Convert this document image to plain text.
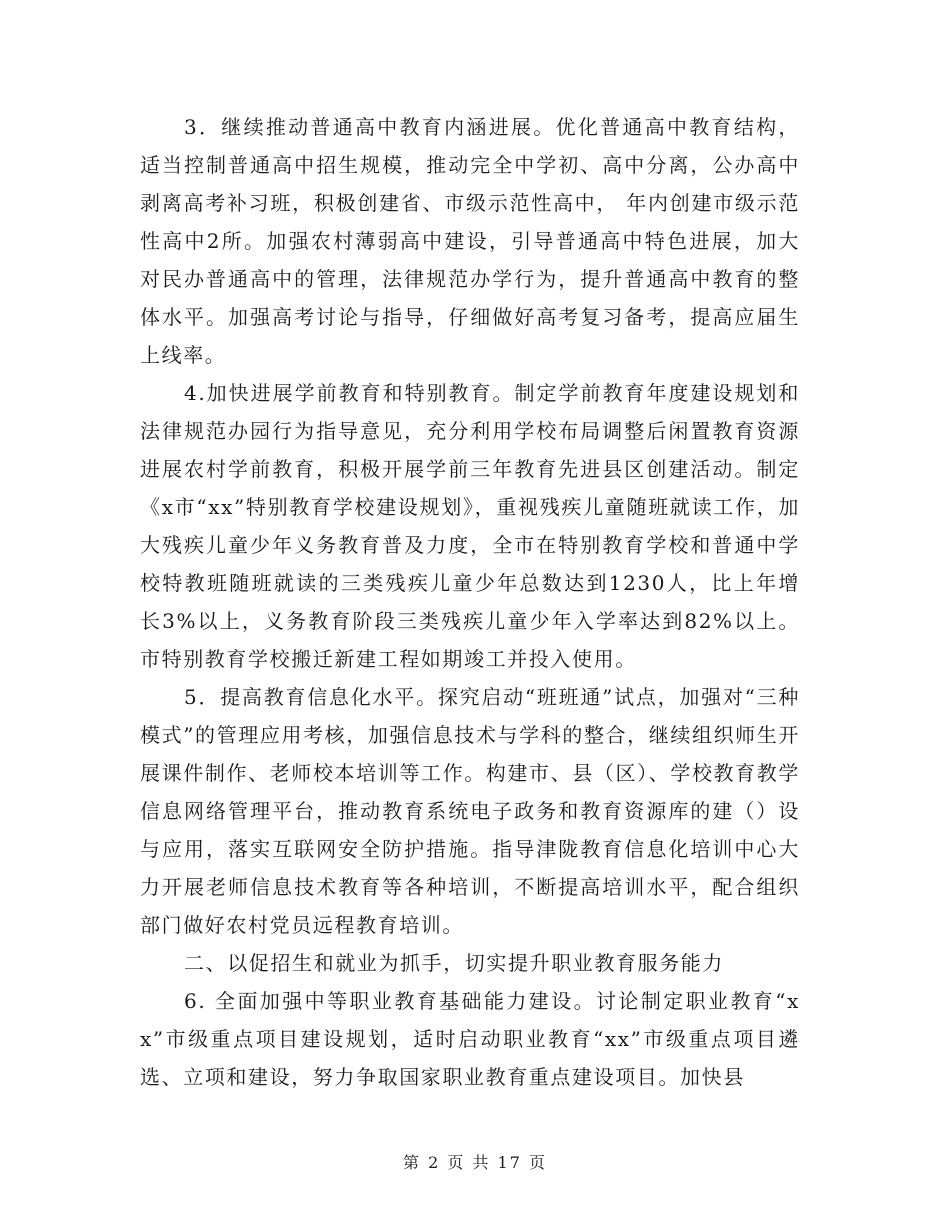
3．继续推动普通高中教育内涵进展。优化普通高中教育结构，适当控制普通高中招生规模，推动完全中学初、高中分离，公办高中剥离高考补习班，积极创建省、市级示范性高中， 年内创建市级示范性高中2所。加强农村薄弱高中建设，引导普通高中特色进展，加大对民办普通高中的管理，法律规范办学行为，提升普通高中教育的整体水平。加强高考讨论与指导，仔细做好高考复习备考，提高应届生上线率。

4.加快进展学前教育和特别教育。制定学前教育年度建设规划和法律规范办园行为指导意见，充分利用学校布局调整后闲置教育资源进展农村学前教育，积极开展学前三年教育先进县区创建活动。制定《x市“xx”特别教育学校建设规划》，重视残疾儿童随班就读工作，加大残疾儿童少年义务教育普及力度，全市在特别教育学校和普通中学校特教班随班就读的三类残疾儿童少年总数达到1230人，比上年增长3%以上，义务教育阶段三类残疾儿童少年入学率达到82%以上。市特别教育学校搬迁新建工程如期竣工并投入使用。

5．提高教育信息化水平。探究启动“班班通”试点，加强对“三种模式”的管理应用考核，加强信息技术与学科的整合，继续组织师生开展课件制作、老师校本培训等工作。构建市、县（区）、学校教育教学信息网络管理平台，推动教育系统电子政务和教育资源库的建（）设与应用，落实互联网安全防护措施。指导津陇教育信息化培训中心大力开展老师信息技术教育等各种培训，不断提高培训水平，配合组织部门做好农村党员远程教育培训。

二、以促招生和就业为抓手，切实提升职业教育服务能力

6. 全面加强中等职业教育基础能力建设。讨论制定职业教育“xx”市级重点项目建设规划，适时启动职业教育“xx”市级重点项目遴选、立项和建设，努力争取国家职业教育重点建设项目。加快县

第 2 页 共 17 页
